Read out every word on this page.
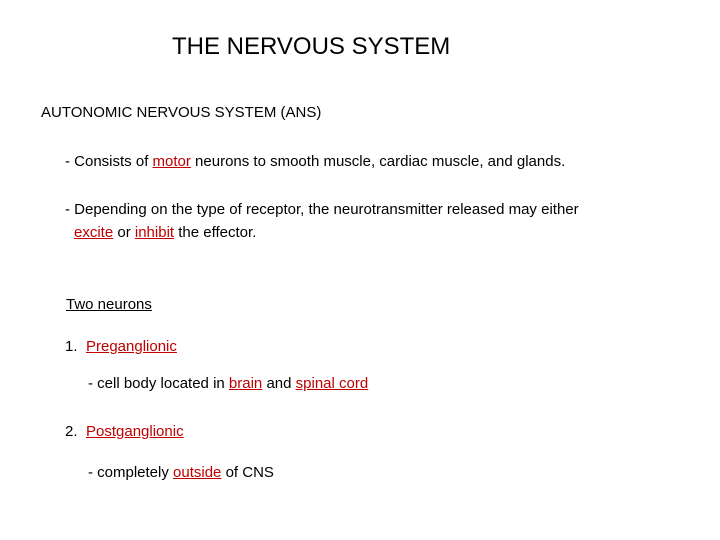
THE NERVOUS SYSTEM
AUTONOMIC NERVOUS SYSTEM (ANS)
- Consists of motor neurons to smooth muscle, cardiac muscle, and glands.
- Depending on the type of receptor, the neurotransmitter released may either
excite or inhibit the effector.
Two neurons
1. Preganglionic
- cell body located in brain and spinal cord
2. Postganglionic
- completely outside of CNS
